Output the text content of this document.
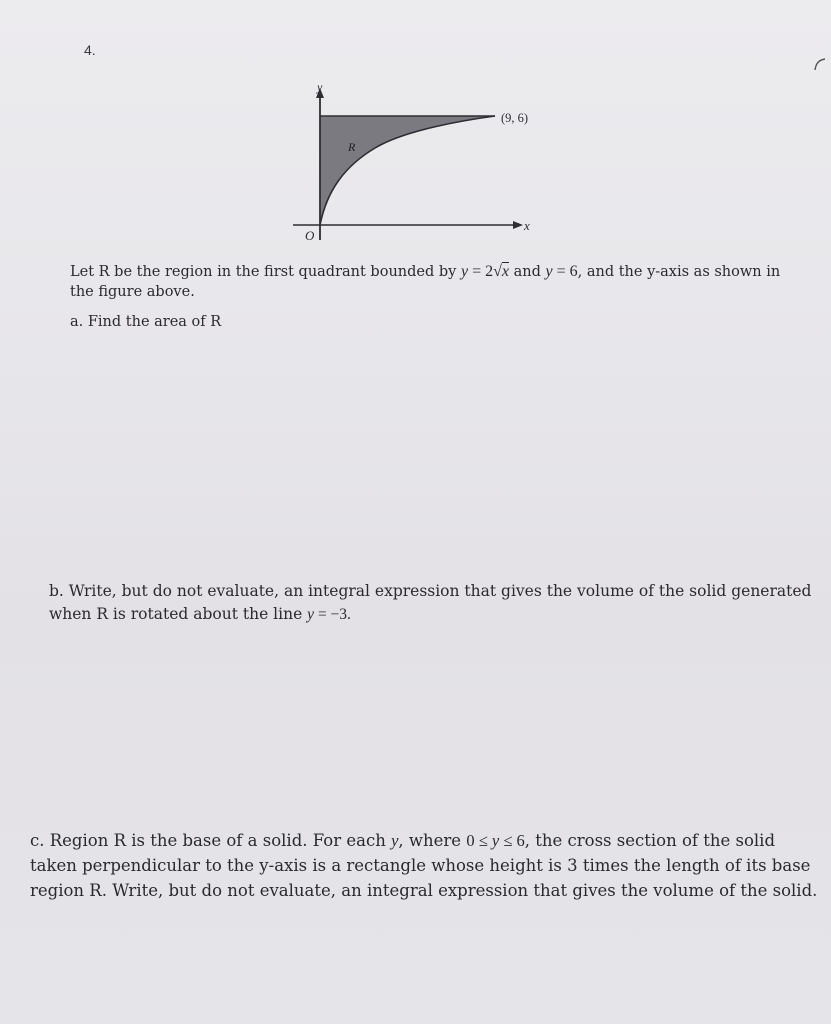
4.
y
x
O
R
(9, 6)
Let R be the region in the first quadrant bounded by y = 2√x and y = 6, and the y-axis as shown in the figure above.
a. Find the area of R
b. Write, but do not evaluate, an integral expression that gives the volume of the solid generated when R is rotated about the line y = −3.
c. Region R is the base of a solid. For each y, where 0 ≤ y ≤ 6, the cross section of the solid taken perpendicular to the y-axis is a rectangle whose height is 3 times the length of its base region R. Write, but do not evaluate, an integral expression that gives the volume of the solid.
